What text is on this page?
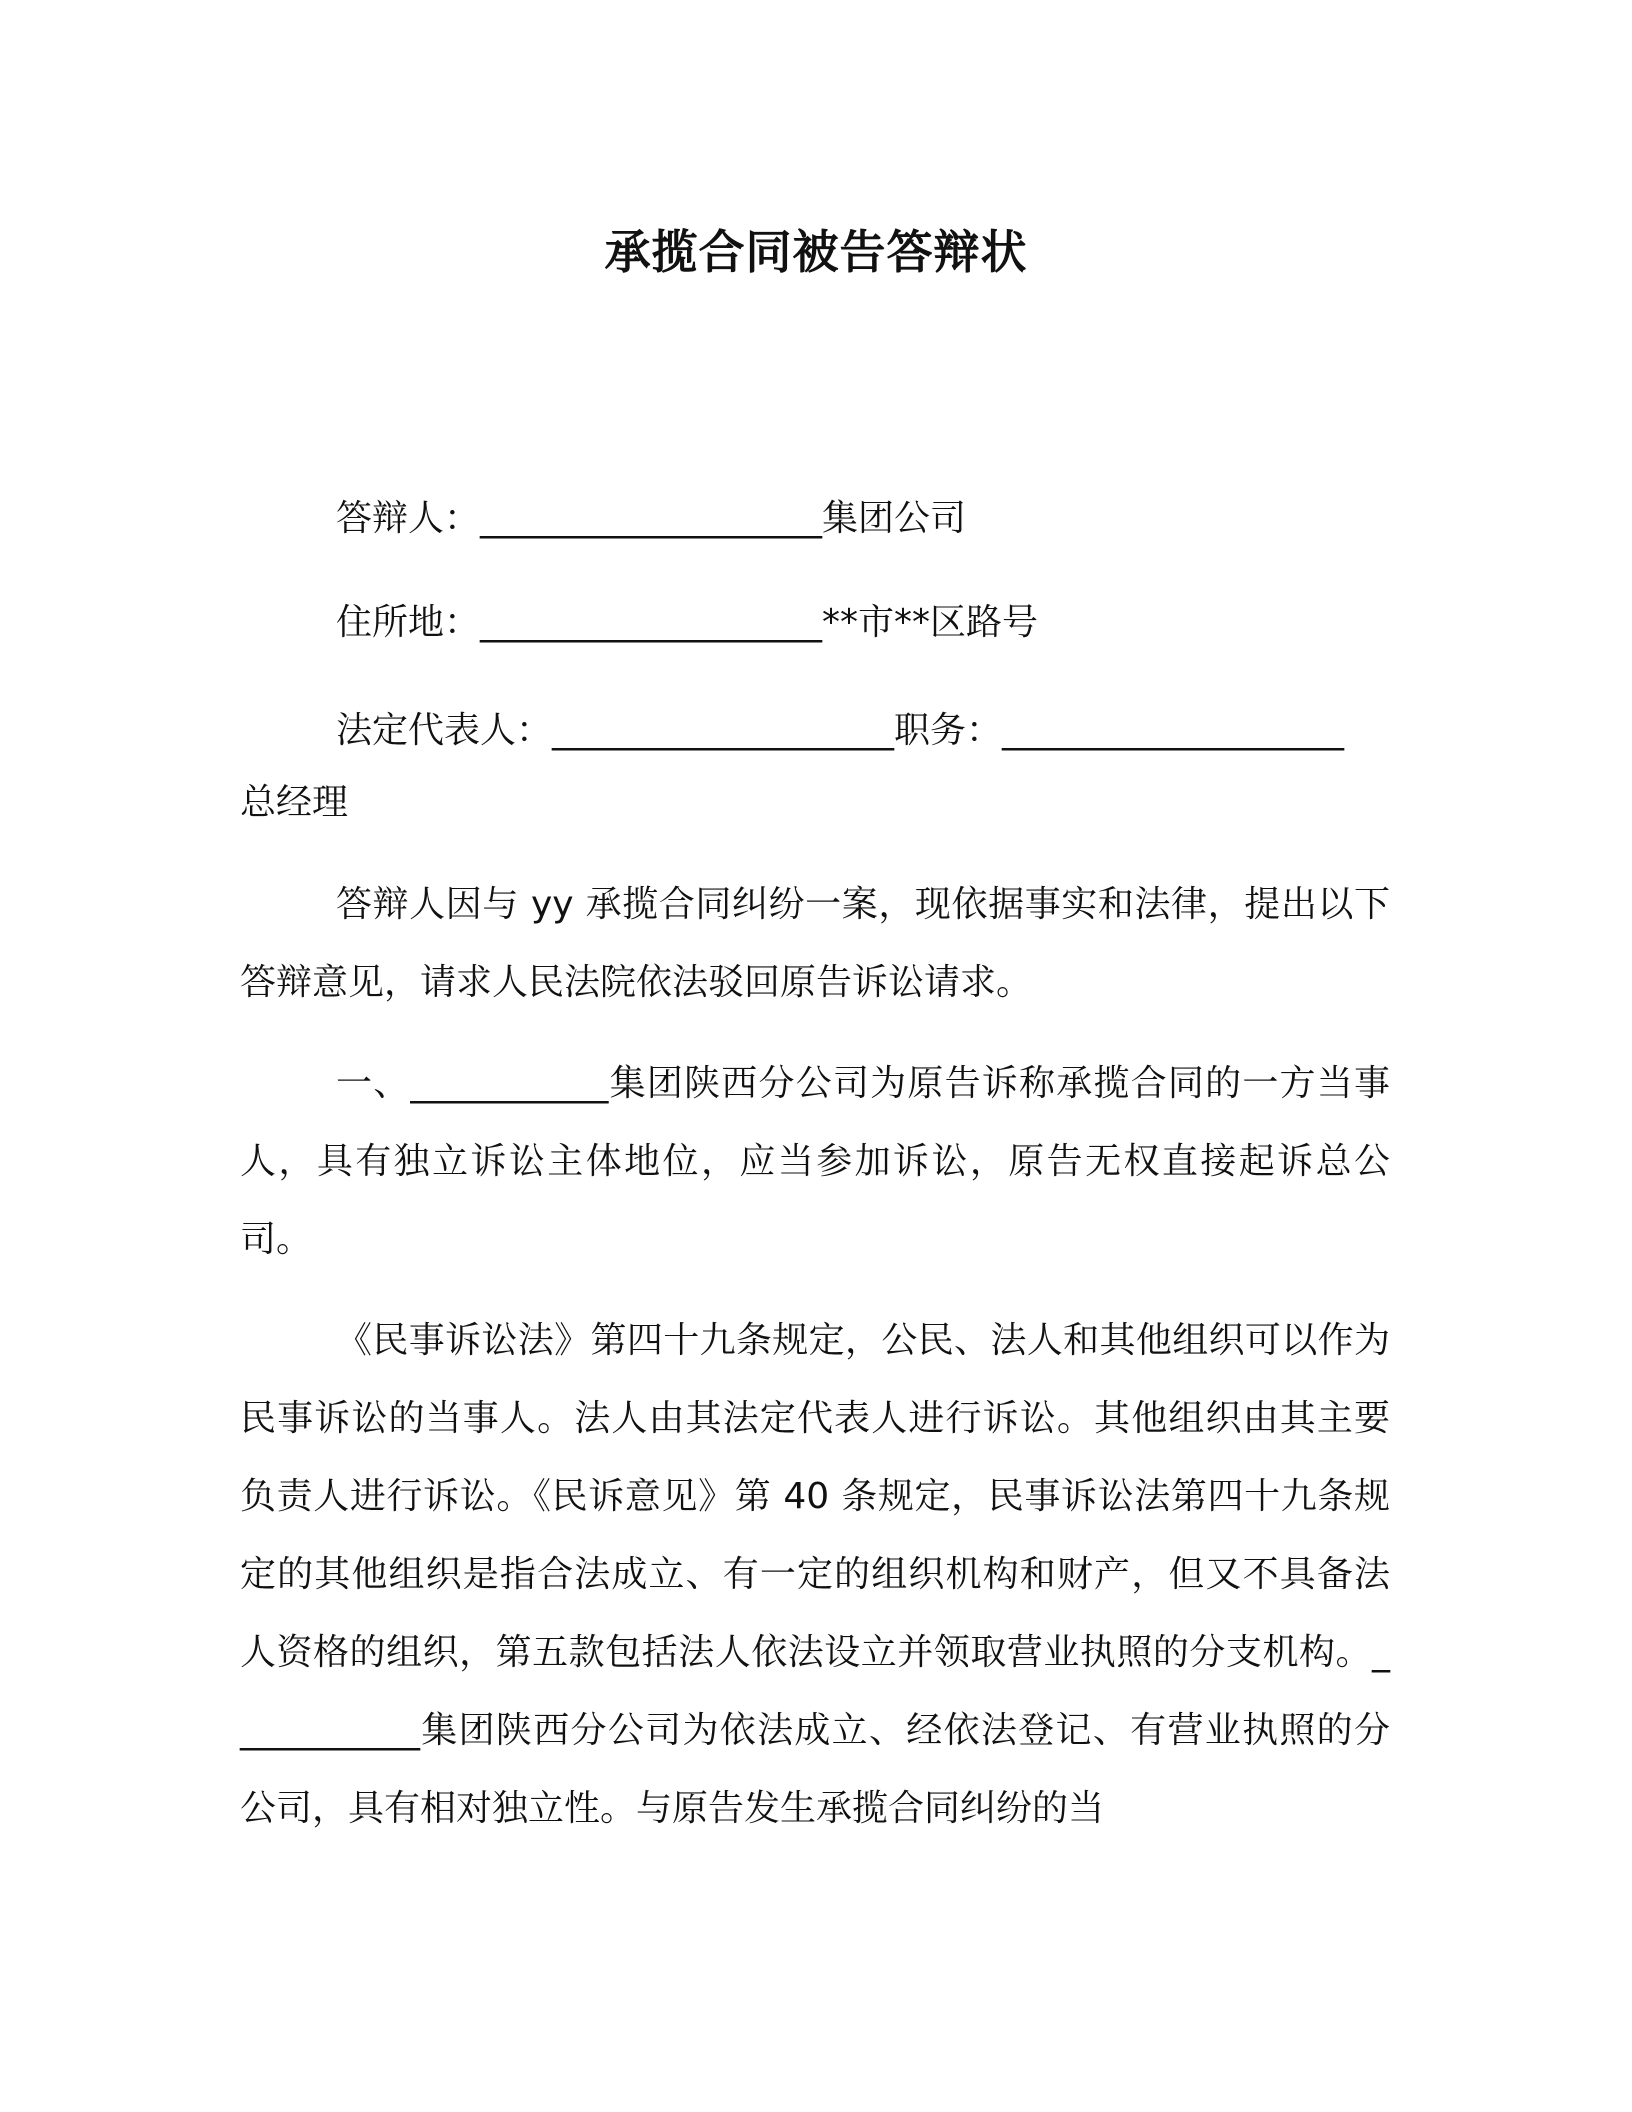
承揽合同被告答辩状
答辩人：___________________集团公司
住所地：___________________**市**区路号
法定代表人：___________________职务：___________________
总经理
答辩人因与 yy 承揽合同纠纷一案，现依据事实和法律，提出以下答辩意见，请求人民法院依法驳回原告诉讼请求。
一、___________集团陕西分公司为原告诉称承揽合同的一方当事人，具有独立诉讼主体地位，应当参加诉讼，原告无权直接起诉总公司。
《民事诉讼法》第四十九条规定，公民、法人和其他组织可以作为民事诉讼的当事人。法人由其法定代表人进行诉讼。其他组织由其主要负责人进行诉讼。《民诉意见》第 40 条规定，民事诉讼法第四十九条规定的其他组织是指合法成立、有一定的组织机构和财产，但又不具备法人资格的组织，第五款包括法人依法设立并领取营业执照的分支机构。___________集团陕西分公司为依法成立、经依法登记、有营业执照的分公司，具有相对独立性。与原告发生承揽合同纠纷的当
